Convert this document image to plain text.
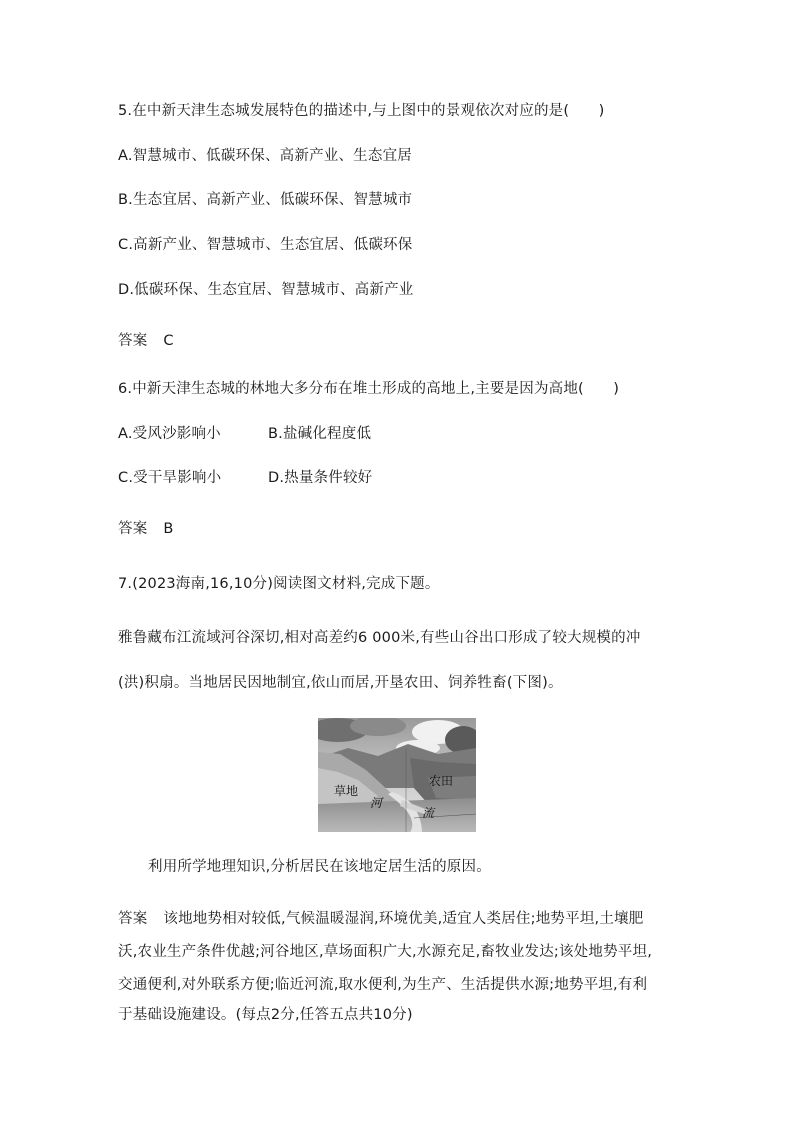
5.在中新天津生态城发展特色的描述中,与上图中的景观依次对应的是(　　)
A.智慧城市、低碳环保、高新产业、生态宜居
B.生态宜居、高新产业、低碳环保、智慧城市
C.高新产业、智慧城市、生态宜居、低碳环保
D.低碳环保、生态宜居、智慧城市、高新产业
答案 C
6.中新天津生态城的林地大多分布在堆土形成的高地上,主要是因为高地(　　)
A.受风沙影响小	B.盐碱化程度低
C.受干旱影响小	D.热量条件较好
答案 B
7.(2023海南,16,10分)阅读图文材料,完成下题。
雅鲁藏布江流域河谷深切,相对高差约6 000米,有些山谷出口形成了较大规模的冲
(洪)积扇。当地居民因地制宜,依山而居,开垦农田、饲养牲畜(下图)。
草地
农田
河
流
利用所学地理知识,分析居民在该地定居生活的原因。
答案 该地地势相对较低,气候温暖湿润,环境优美,适宜人类居住;地势平坦,土壤肥
沃,农业生产条件优越;河谷地区,草场面积广大,水源充足,畜牧业发达;该处地势平坦,
交通便利,对外联系方便;临近河流,取水便利,为生产、生活提供水源;地势平坦,有利
于基础设施建设。(每点2分,任答五点共10分)
